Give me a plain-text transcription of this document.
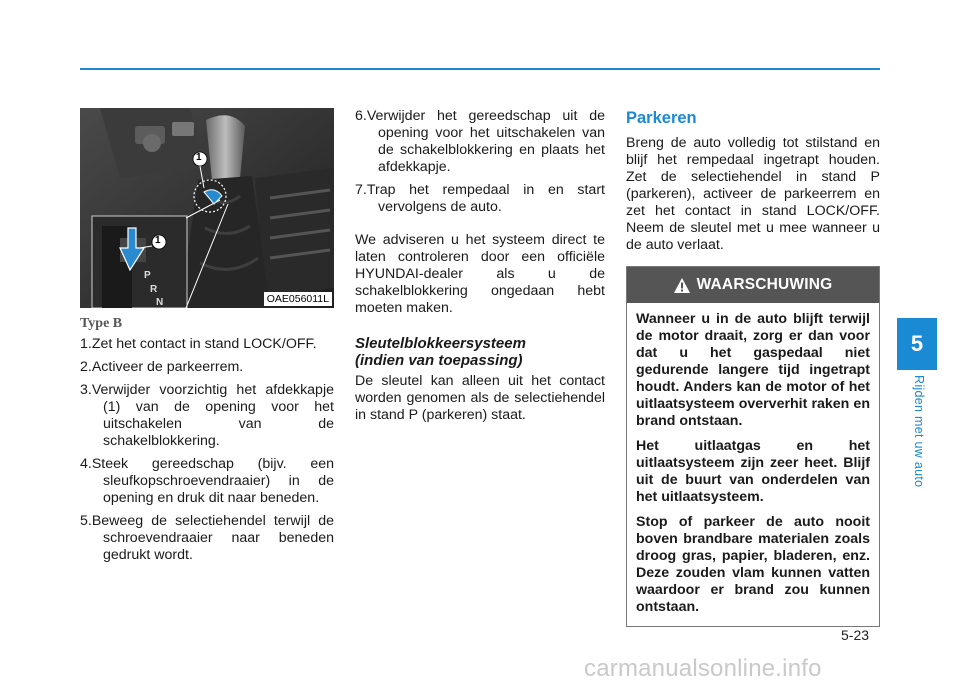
1
1
P
R
N	OAE056011L
Type B

1.Zet het contact in stand LOCK/OFF.

2.Activeer de parkeerrem.

3.Verwijder voorzichtig het afdekkapje (1) van de opening voor het uitschakelen van de schakelblokkering.

4.Steek gereedschap (bijv. een sleufkopschroevendraaier) in de opening en druk dit naar beneden.

5.Beweeg de selectiehendel terwijl de schroevendraaier naar beneden gedrukt wordt.

6.Verwijder het gereedschap uit de opening voor het uitschakelen van de schakelblokkering en plaats het afdekkapje.

7.Trap het rempedaal in en start vervolgens de auto.

We adviseren u het systeem direct te laten controleren door een officiële HYUNDAI-dealer als u de schakelblokkering ongedaan hebt moeten maken.

Sleutelblokkeersysteem
(indien van toepassing)

De sleutel kan alleen uit het contact worden genomen als de selectiehendel in stand P (parkeren) staat.

Parkeren

Breng de auto volledig tot stilstand en blijf het rempedaal ingetrapt houden. Zet de selectiehendel in stand P (parkeren), activeer de parkeerrem en zet het contact in stand LOCK/OFF. Neem de sleutel met u mee wanneer u de auto verlaat.

WAARSCHUWING

Wanneer u in de auto blijft terwijl de motor draait, zorg er dan voor dat u het gaspedaal niet gedurende langere tijd ingetrapt houdt. Anders kan de motor of het uitlaatsysteem oververhit raken en brand ontstaan.

Het uitlaatgas en het uitlaatsysteem zijn zeer heet. Blijf uit de buurt van onderdelen van het uitlaatsysteem.

Stop of parkeer de auto nooit boven brandbare materialen zoals droog gras, papier, bladeren, enz. Deze zouden vlam kunnen vatten waardoor er brand zou kunnen ontstaan.

5
Rijden met uw auto
5-23
carmanualsonline.info
